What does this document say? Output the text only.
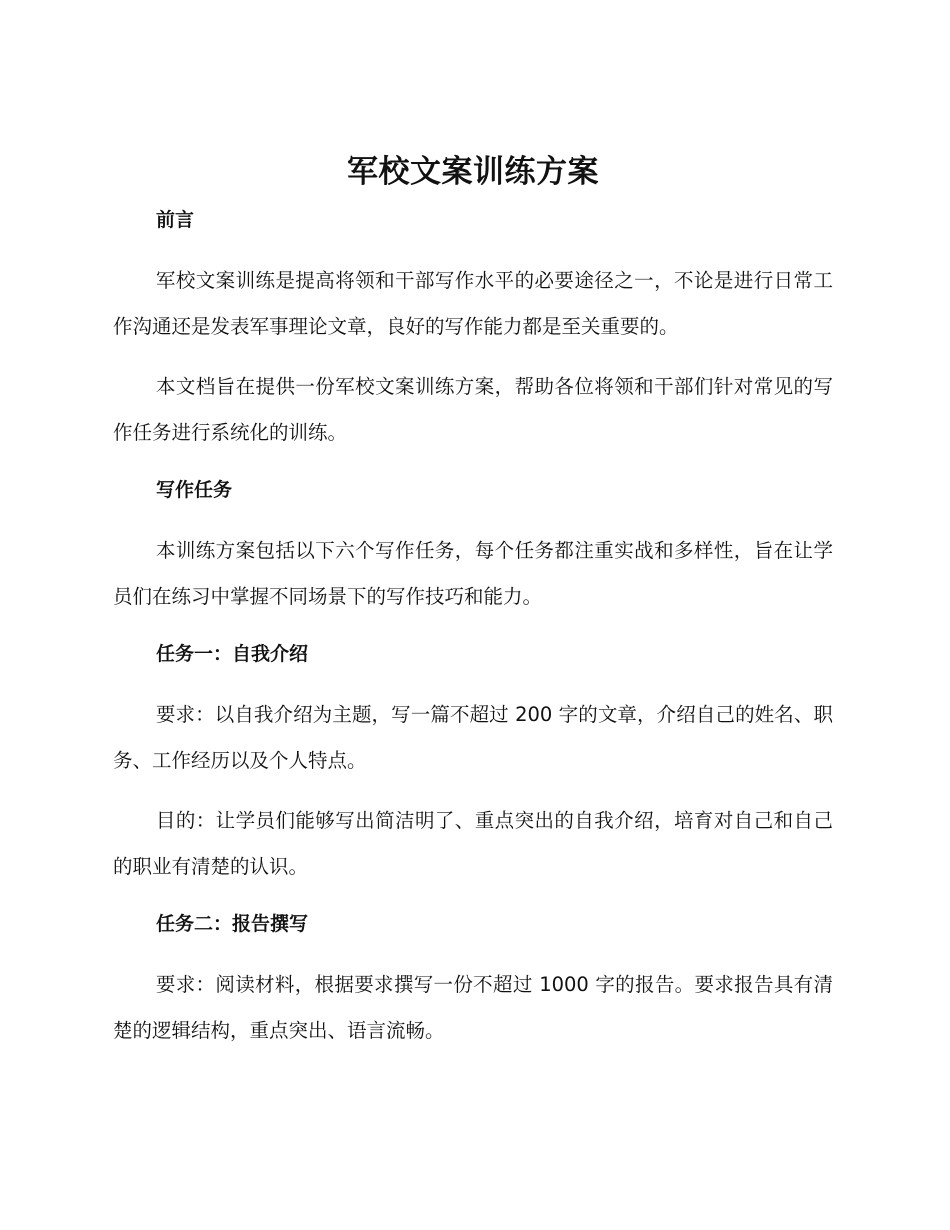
军校文案训练方案
前言

军校文案训练是提高将领和干部写作水平的必要途径之一，不论是进行日常工作沟通还是发表军事理论文章，良好的写作能力都是至关重要的。

本文档旨在提供一份军校文案训练方案，帮助各位将领和干部们针对常见的写作任务进行系统化的训练。

写作任务

本训练方案包括以下六个写作任务，每个任务都注重实战和多样性，旨在让学员们在练习中掌握不同场景下的写作技巧和能力。

任务一：自我介绍

要求：以自我介绍为主题，写一篇不超过 200 字的文章，介绍自己的姓名、职务、工作经历以及个人特点。

目的：让学员们能够写出简洁明了、重点突出的自我介绍，培育对自己和自己的职业有清楚的认识。

任务二：报告撰写

要求：阅读材料，根据要求撰写一份不超过 1000 字的报告。要求报告具有清楚的逻辑结构，重点突出、语言流畅。
